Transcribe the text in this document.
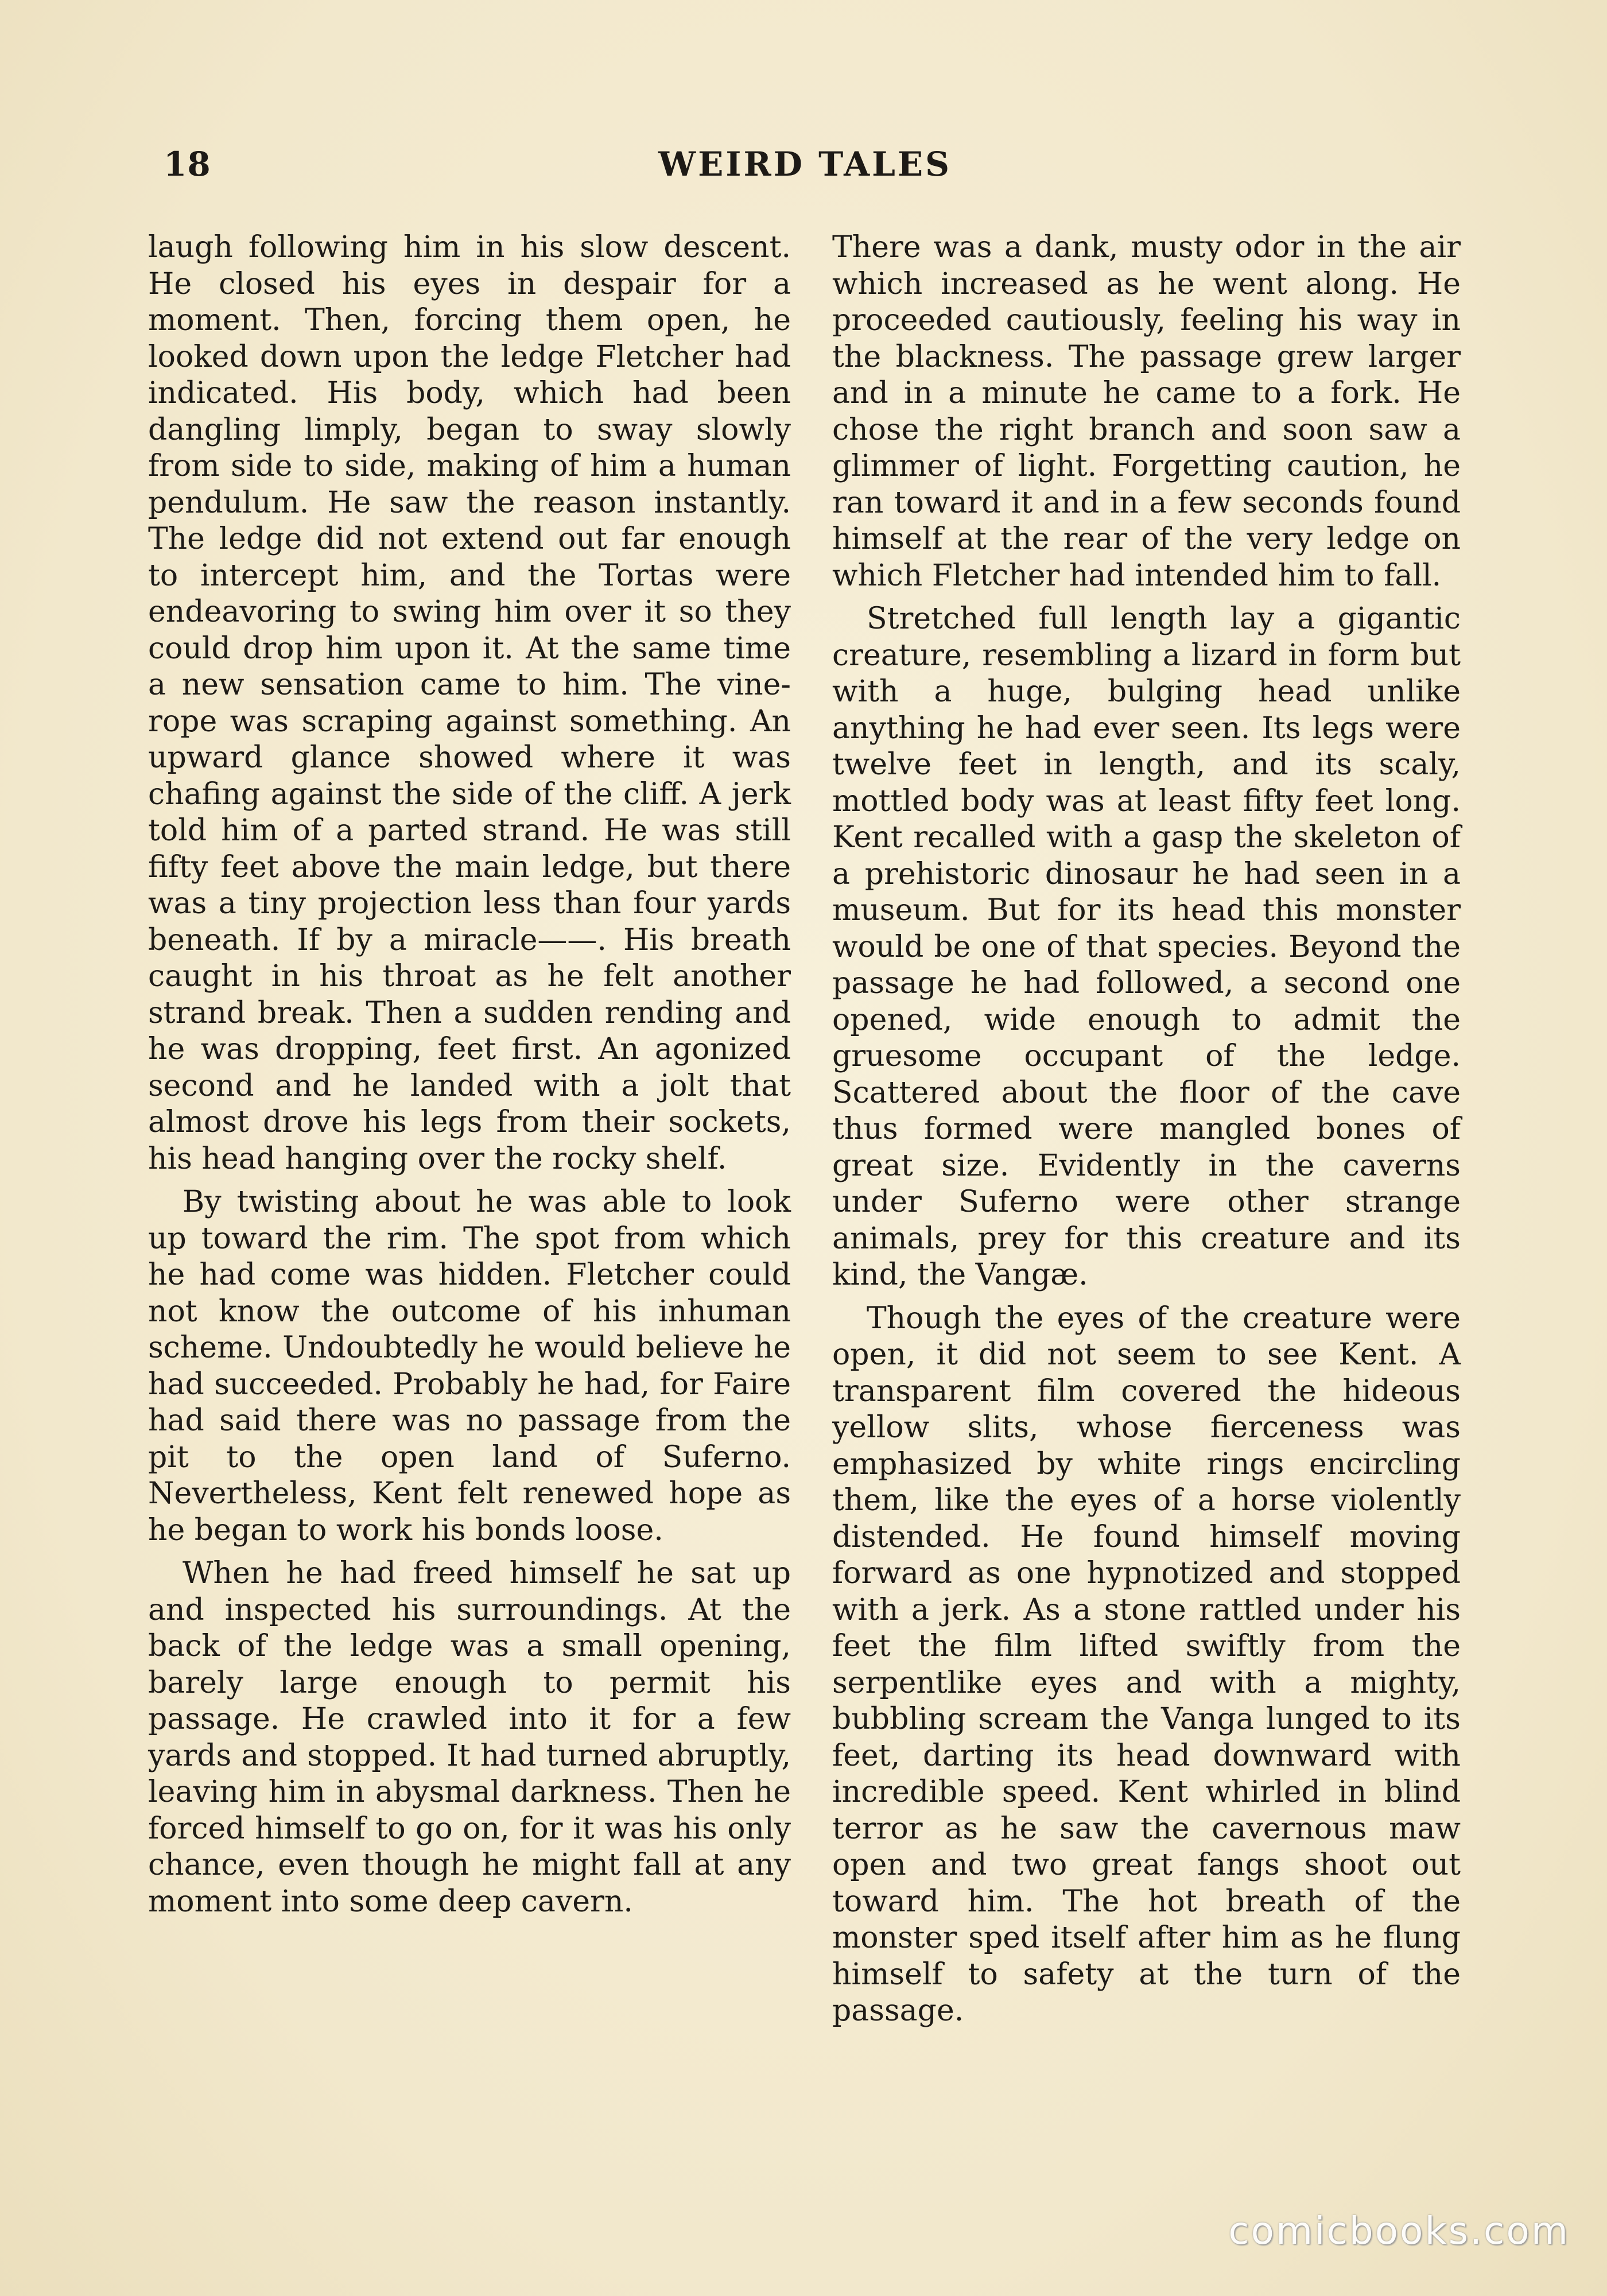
18	WEIRD TALES

laugh following him in his slow descent. He closed his eyes in despair for a moment. Then, forcing them open, he looked down upon the ledge Fletcher had indicated. His body, which had been dangling limply, began to sway slowly from side to side, making of him a human pendulum. He saw the reason instantly. The ledge did not extend out far enough to intercept him, and the Tortas were endeavoring to swing him over it so they could drop him upon it. At the same time a new sensation came to him. The vine-rope was scraping against something. An upward glance showed where it was chafing against the side of the cliff. A jerk told him of a parted strand. He was still fifty feet above the main ledge, but there was a tiny projection less than four yards beneath. If by a miracle——. His breath caught in his throat as he felt another strand break. Then a sudden rending and he was dropping, feet first. An agonized second and he landed with a jolt that almost drove his legs from their sockets, his head hanging over the rocky shelf.

By twisting about he was able to look up toward the rim. The spot from which he had come was hidden. Fletcher could not know the outcome of his inhuman scheme. Undoubtedly he would believe he had succeeded. Probably he had, for Faire had said there was no passage from the pit to the open land of Suferno. Nevertheless, Kent felt renewed hope as he began to work his bonds loose.

When he had freed himself he sat up and inspected his surroundings. At the back of the ledge was a small opening, barely large enough to permit his passage. He crawled into it for a few yards and stopped. It had turned abruptly, leaving him in abysmal darkness. Then he forced himself to go on, for it was his only chance, even though he might fall at any moment into some deep cavern.

There was a dank, musty odor in the air which increased as he went along. He proceeded cautiously, feeling his way in the blackness. The passage grew larger and in a minute he came to a fork. He chose the right branch and soon saw a glimmer of light. Forgetting caution, he ran toward it and in a few seconds found himself at the rear of the very ledge on which Fletcher had intended him to fall.

Stretched full length lay a gigantic creature, resembling a lizard in form but with a huge, bulging head unlike anything he had ever seen. Its legs were twelve feet in length, and its scaly, mottled body was at least fifty feet long. Kent recalled with a gasp the skeleton of a prehistoric dinosaur he had seen in a museum. But for its head this monster would be one of that species. Beyond the passage he had followed, a second one opened, wide enough to admit the gruesome occupant of the ledge. Scattered about the floor of the cave thus formed were mangled bones of great size. Evidently in the caverns under Suferno were other strange animals, prey for this creature and its kind, the Vangæ.

Though the eyes of the creature were open, it did not seem to see Kent. A transparent film covered the hideous yellow slits, whose fierceness was emphasized by white rings encircling them, like the eyes of a horse violently distended. He found himself moving forward as one hypnotized and stopped with a jerk. As a stone rattled under his feet the film lifted swiftly from the serpentlike eyes and with a mighty, bubbling scream the Vanga lunged to its feet, darting its head downward with incredible speed. Kent whirled in blind terror as he saw the cavernous maw open and two great fangs shoot out toward him. The hot breath of the monster sped itself after him as he flung himself to safety at the turn of the passage.

comicbooks.com
